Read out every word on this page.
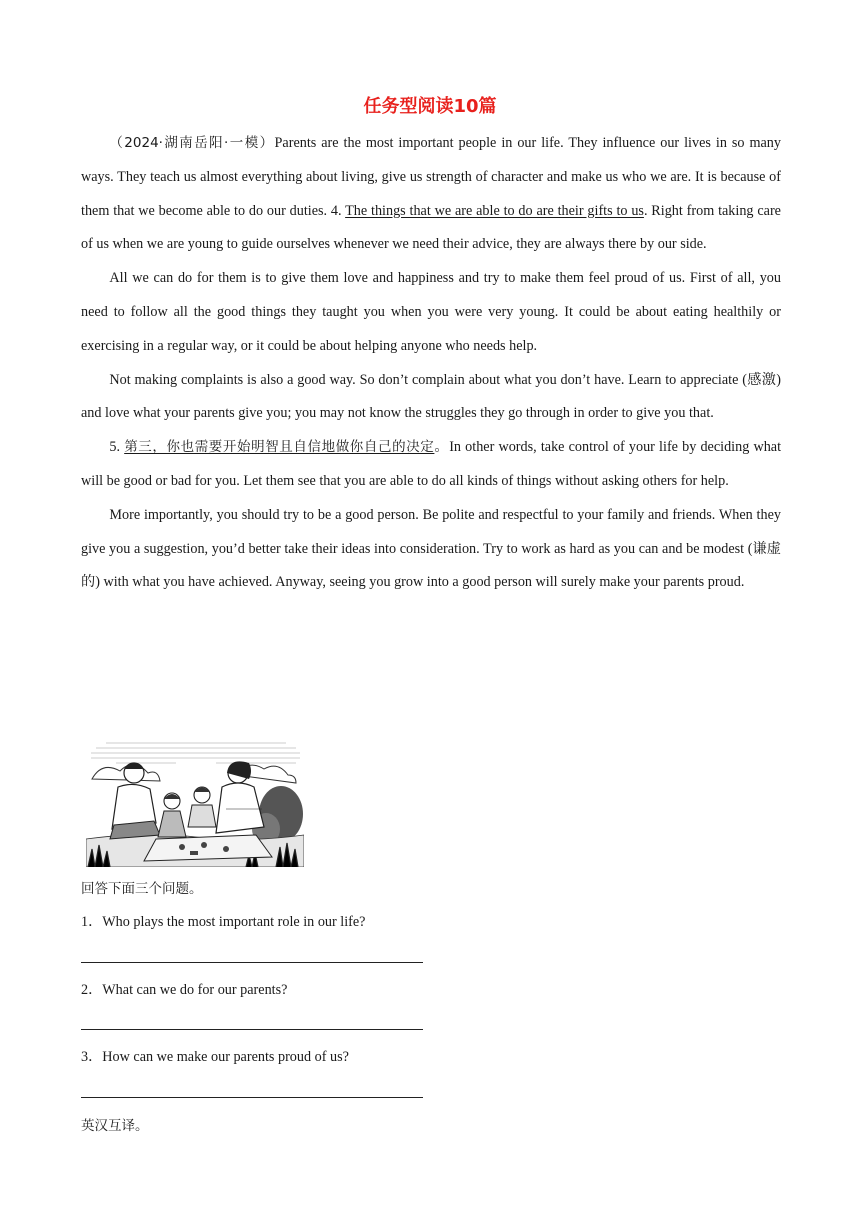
任务型阅读10篇

（2024·湖南岳阳·一模）Parents are the most important people in our life. They influence our lives in so many ways. They teach us almost everything about living, give us strength of character and make us who we are. It is because of them that we become able to do our duties. 4. The things that we are able to do are their gifts to us. Right from taking care of us when we are young to guide ourselves whenever we need their advice, they are always there by our side.

All we can do for them is to give them love and happiness and try to make them feel proud of us. First of all, you need to follow all the good things they taught you when you were very young. It could be about eating healthily or exercising in a regular way, or it could be about helping anyone who needs help.

Not making complaints is also a good way. So don’t complain about what you don’t have. Learn to appreciate (感激) and love what your parents give you; you may not know the struggles they go through in order to give you that.

5. 第三，你也需要开始明智且自信地做你自己的决定。In other words, take control of your life by deciding what will be good or bad for you. Let them see that you are able to do all kinds of things without asking others for help.

More importantly, you should try to be a good person. Be polite and respectful to your family and friends. When they give you a suggestion, you’d better take their ideas into consideration. Try to work as hard as you can and be modest (谦虚的) with what you have achieved. Anyway, seeing you grow into a good person will surely make your parents proud.

回答下面三个问题。
1．Who plays the most important role in our life?
2．What can we do for our parents?
3．How can we make our parents proud of us?
英汉互译。
